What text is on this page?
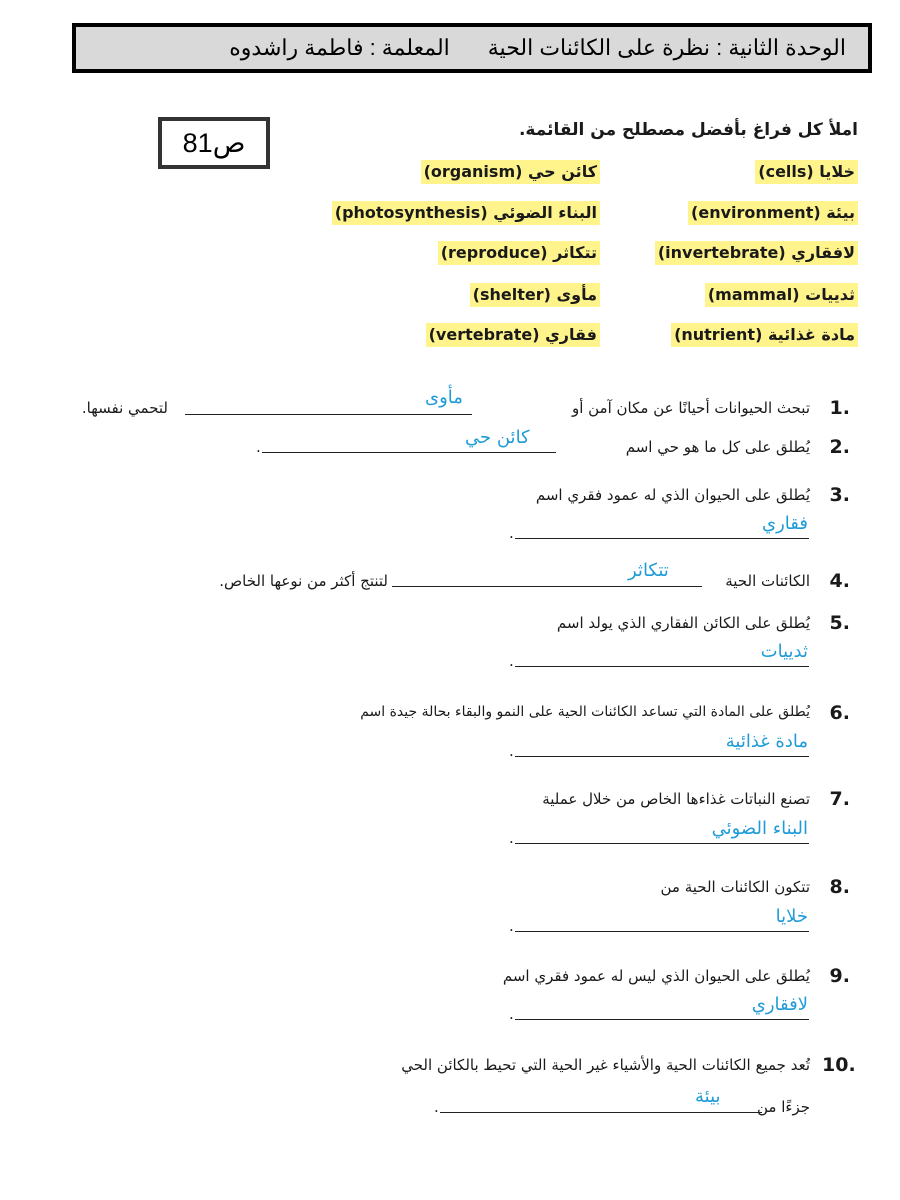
الوحدة الثانية : نظرة على الكائنات الحيةالمعلمة : فاطمة راشدوه
ص81	املأ كل فراغ بأفضل مصطلح من القائمة.
خلايا (cells)
بيئة (environment)
لافقاري (invertebrate)
ثدييات (mammal)
مادة غذائية (nutrient)
كائن حي (organism)
البناء الضوئي (photosynthesis)
تتكاثر (reproduce)
مأوى (shelter)
فقاري (vertebrate)
1.
تبحث الحيوانات أحيانًا عن مكان آمن أو
مأوى
لتحمي نفسها.
2.
يُطلق على كل ما هو حي اسم
كائن حي
.
3.
يُطلق على الحيوان الذي له عمود فقري اسم
فقاري
.
4.
الكائنات الحية
تتكاثر
لتنتج أكثر من نوعها الخاص.
5.
يُطلق على الكائن الفقاري الذي يولد اسم
ثدييات
.
6.
يُطلق على المادة التي تساعد الكائنات الحية على النمو والبقاء بحالة جيدة اسم
مادة غذائية
.
7.
تصنع النباتات غذاءها الخاص من خلال عملية
البناء الضوئي
.
8.
تتكون الكائنات الحية من
خلايا
.
9.
يُطلق على الحيوان الذي ليس له عمود فقري اسم
لافقاري
.
10.
تُعد جميع الكائنات الحية والأشياء غير الحية التي تحيط بالكائن الحي
جزءًا من
بيئة
.
